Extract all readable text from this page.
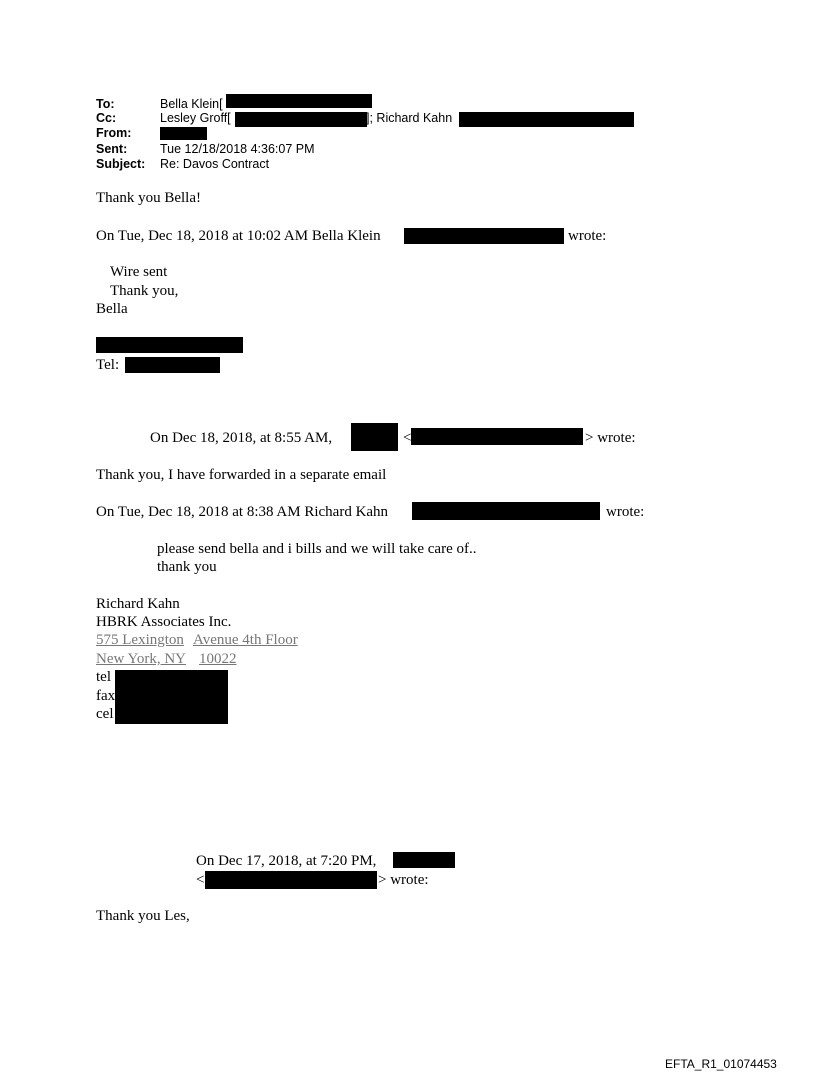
To:	Bella Klein[
Cc:	Lesley Groff[	]; Richard Kahn
From:
Sent:	Tue 12/18/2018 4:36:07 PM
Subject: Re: Davos Contract
Thank you Bella!
On Tue, Dec 18, 2018 at 10:02 AM Bella Klein	wrote:
Wire sent
Thank you,
Bella
Tel:
On Dec 18, 2018, at 8:55 AM,	<	> wrote:
Thank you, I have forwarded in a separate email
On Tue, Dec 18, 2018 at 8:38 AM Richard Kahn	wrote:
please send bella and i bills and we will take care of..
thank you
Richard Kahn
HBRK Associates Inc.
575 Lexington Avenue 4th Floor
New York, NY 10022
tel
fax
cel
On Dec 17, 2018, at 7:20 PM,
<	> wrote:
Thank you Les,
EFTA_R1_01074453
